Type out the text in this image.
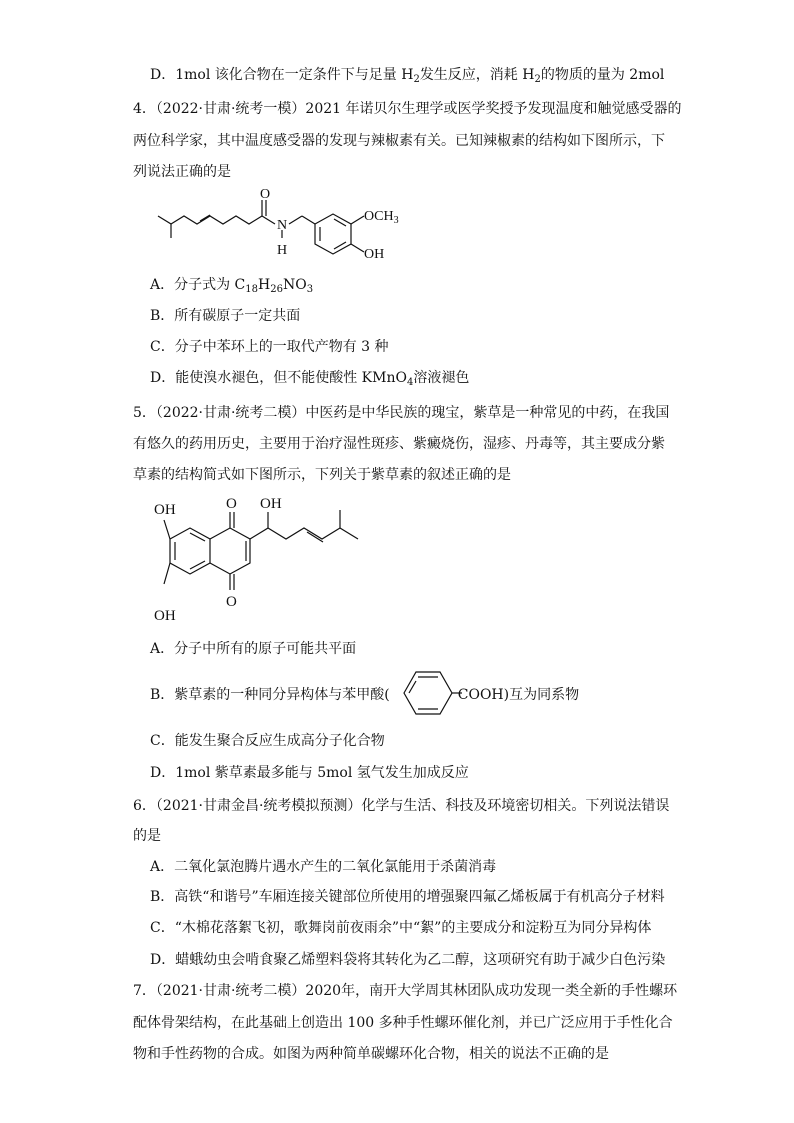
D．1mol 该化合物在一定条件下与足量 $H_2$发生反应，消耗 $H_2$的物质的量为 2mol
4．（2022·甘肃·统考一模）2021 年诺贝尔生理学或医学奖授予发现温度和触觉感受器的
两位科学家，其中温度感受器的发现与辣椒素有关。已知辣椒素的结构如下图所示，下
列说法正确的是
O
N
H
$OCH_3$
OH
A．分子式为 $C_{18}H_{26}NO_3$
B．所有碳原子一定共面
C．分子中苯环上的一取代产物有 3 种
D．能使溴水褪色，但不能使酸性 KMnO$_4$溶液褪色
5．（2022·甘肃·统考二模）中医药是中华民族的瑰宝，紫草是一种常见的中药，在我国
有悠久的药用历史，主要用于治疗湿性斑疹、紫癜烧伤，湿疹、丹毒等，其主要成分紫
草素的结构简式如下图所示，下列关于紫草素的叙述正确的是
OH	O OH
OH
O
A．分子中所有的原子可能共平面
B．紫草素的一种同分异构体与苯甲酸(	COOH)互为同系物
C．能发生聚合反应生成高分子化合物
D．1mol 紫草素最多能与 5mol 氢气发生加成反应
6．（2021·甘肃金昌·统考模拟预测）化学与生活、科技及环境密切相关。下列说法错误
的是
A．二氧化氯泡腾片遇水产生的二氧化氯能用于杀菌消毒
B．高铁“和谐号”车厢连接关键部位所使用的增强聚四氟乙烯板属于有机高分子材料
C．“木棉花落絮飞初，歌舞岗前夜雨余”中“絮”的主要成分和淀粉互为同分异构体
D．蜡蛾幼虫会啃食聚乙烯塑料袋将其转化为乙二醇，这项研究有助于减少白色污染
7．（2021·甘肃·统考二模）2020年，南开大学周其林团队成功发现一类全新的手性螺环
配体骨架结构，在此基础上创造出 100 多种手性螺环催化剂，并已广泛应用于手性化合
物和手性药物的合成。如图为两种简单碳螺环化合物，相关的说法不正确的是
